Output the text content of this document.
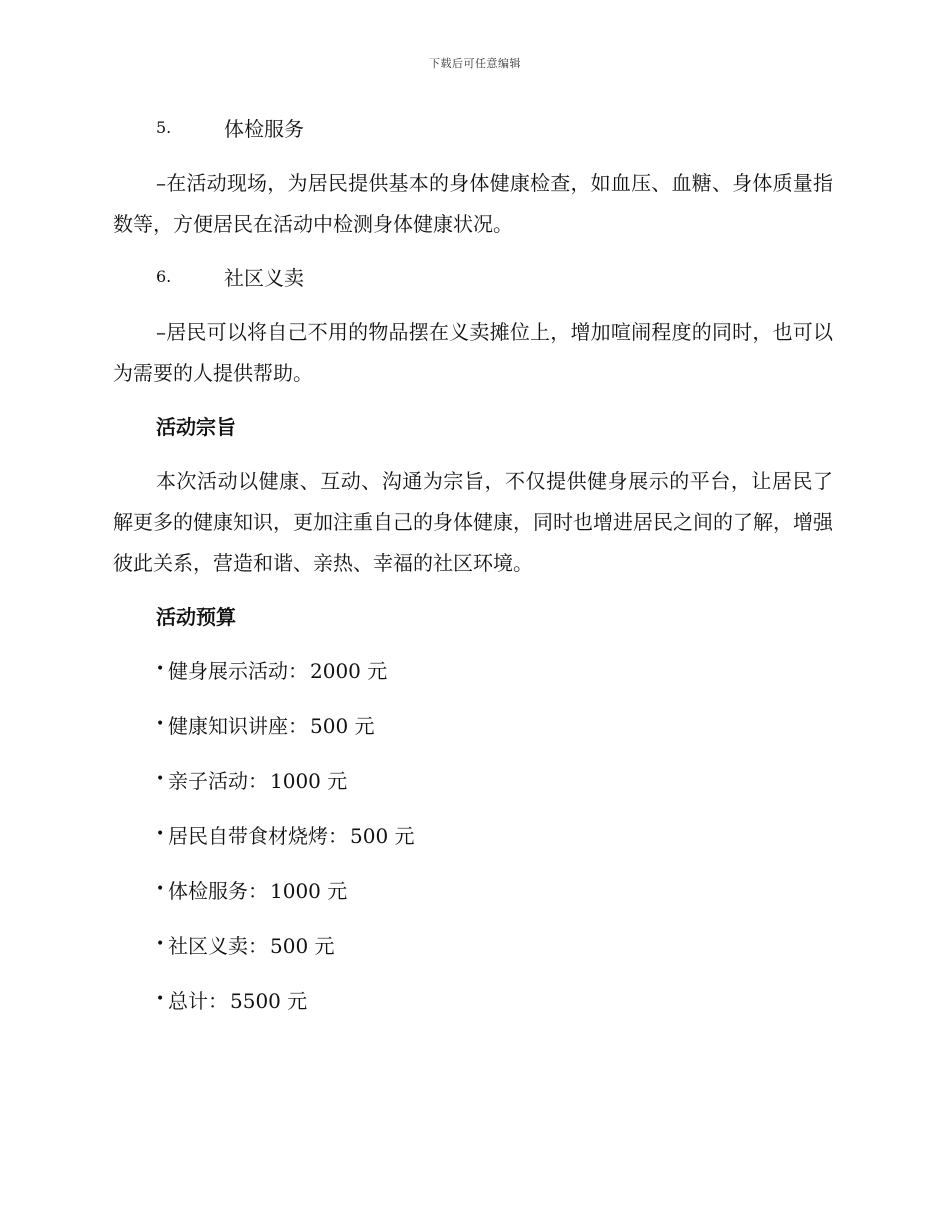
下载后可任意编辑
5.	体检服务

–在活动现场，为居民提供基本的身体健康检查，如血压、血糖、身体质量指数等，方便居民在活动中检测身体健康状况。

6.	社区义卖

–居民可以将自己不用的物品摆在义卖摊位上，增加喧闹程度的同时，也可以为需要的人提供帮助。

活动宗旨

本次活动以健康、互动、沟通为宗旨，不仅提供健身展示的平台，让居民了解更多的健康知识，更加注重自己的身体健康，同时也增进居民之间的了解，增强彼此关系，营造和谐、亲热、幸福的社区环境。

活动预算
• 健身展示活动： 2000 元
• 健康知识讲座： 500 元
• 亲子活动： 1000 元
• 居民自带食材烧烤： 500 元
• 体检服务： 1000 元
• 社区义卖： 500 元
• 总计： 5500 元
